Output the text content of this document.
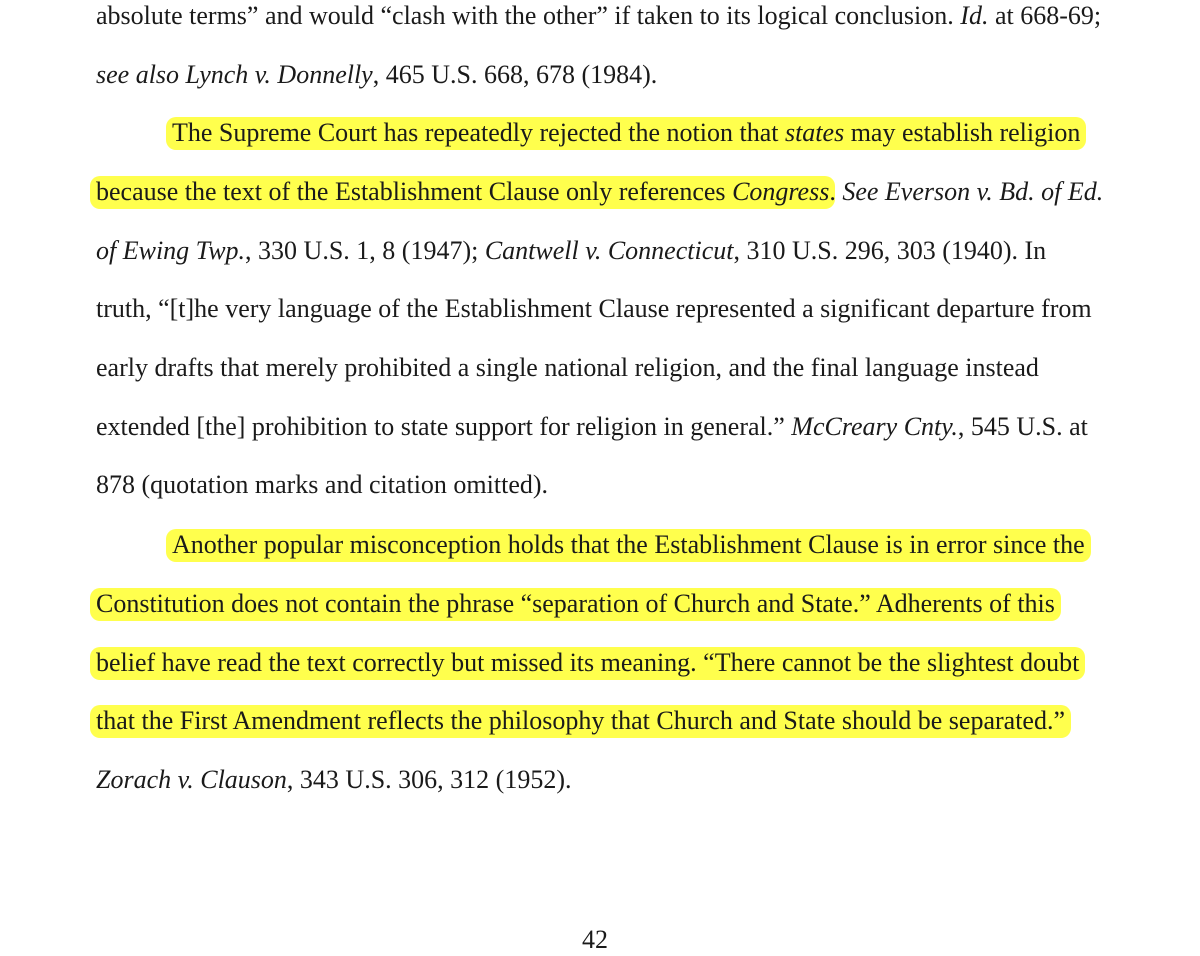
absolute terms” and would “clash with the other” if taken to its logical conclusion. Id. at 668-69;
see also Lynch v. Donnelly, 465 U.S. 668, 678 (1984).
The Supreme Court has repeatedly rejected the notion that states may establish religion
because the text of the Establishment Clause only references Congress. See Everson v. Bd. of Ed.
of Ewing Twp., 330 U.S. 1, 8 (1947); Cantwell v. Connecticut, 310 U.S. 296, 303 (1940). In
truth, “[t]he very language of the Establishment Clause represented a significant departure from
early drafts that merely prohibited a single national religion, and the final language instead
extended [the] prohibition to state support for religion in general.” McCreary Cnty., 545 U.S. at
878 (quotation marks and citation omitted).
Another popular misconception holds that the Establishment Clause is in error since the
Constitution does not contain the phrase “separation of Church and State.” Adherents of this
belief have read the text correctly but missed its meaning. “There cannot be the slightest doubt
that the First Amendment reflects the philosophy that Church and State should be separated.”
Zorach v. Clauson, 343 U.S. 306, 312 (1952).
42
